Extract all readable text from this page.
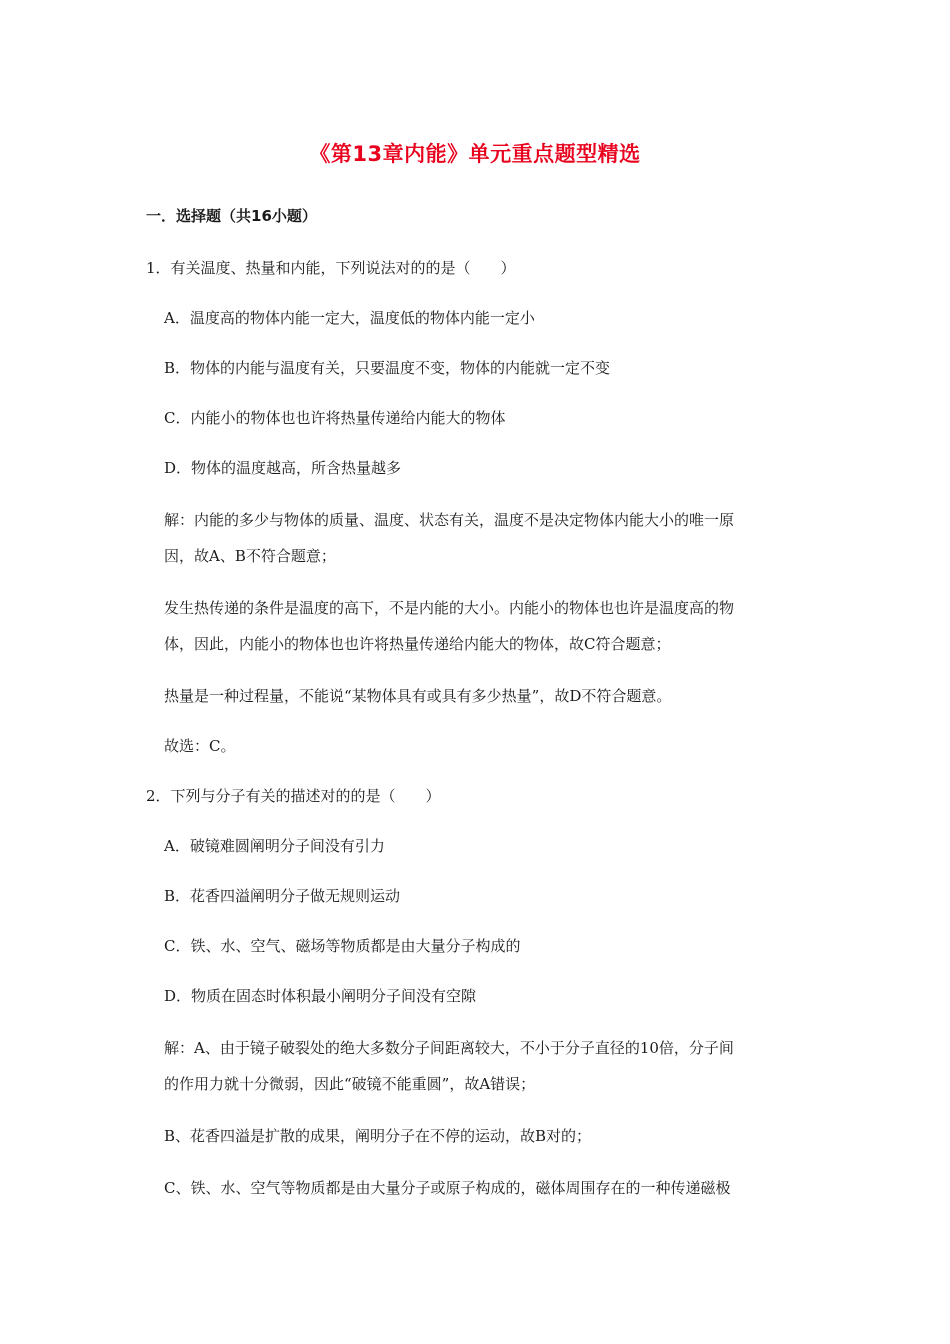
《第13章内能》单元重点题型精选
一．选择题（共16小题）
1．有关温度、热量和内能，下列说法对的的是（　　）
A．温度高的物体内能一定大，温度低的物体内能一定小
B．物体的内能与温度有关，只要温度不变，物体的内能就一定不变
C．内能小的物体也也许将热量传递给内能大的物体
D．物体的温度越高，所含热量越多
解：内能的多少与物体的质量、温度、状态有关，温度不是决定物体内能大小的唯一原
因，故A、B不符合题意；
发生热传递的条件是温度的高下，不是内能的大小。内能小的物体也也许是温度高的物
体，因此，内能小的物体也也许将热量传递给内能大的物体，故C符合题意；
热量是一种过程量，不能说“某物体具有或具有多少热量”，故D不符合题意。
故选：C。
2．下列与分子有关的描述对的的是（　　）
A．破镜难圆阐明分子间没有引力
B．花香四溢阐明分子做无规则运动
C．铁、水、空气、磁场等物质都是由大量分子构成的
D．物质在固态时体积最小阐明分子间没有空隙
解：A、由于镜子破裂处的绝大多数分子间距离较大，不小于分子直径的10倍，分子间
的作用力就十分微弱，因此“破镜不能重圆”，故A错误；
B、花香四溢是扩散的成果，阐明分子在不停的运动，故B对的；
C、铁、水、空气等物质都是由大量分子或原子构成的，磁体周围存在的一种传递磁极
